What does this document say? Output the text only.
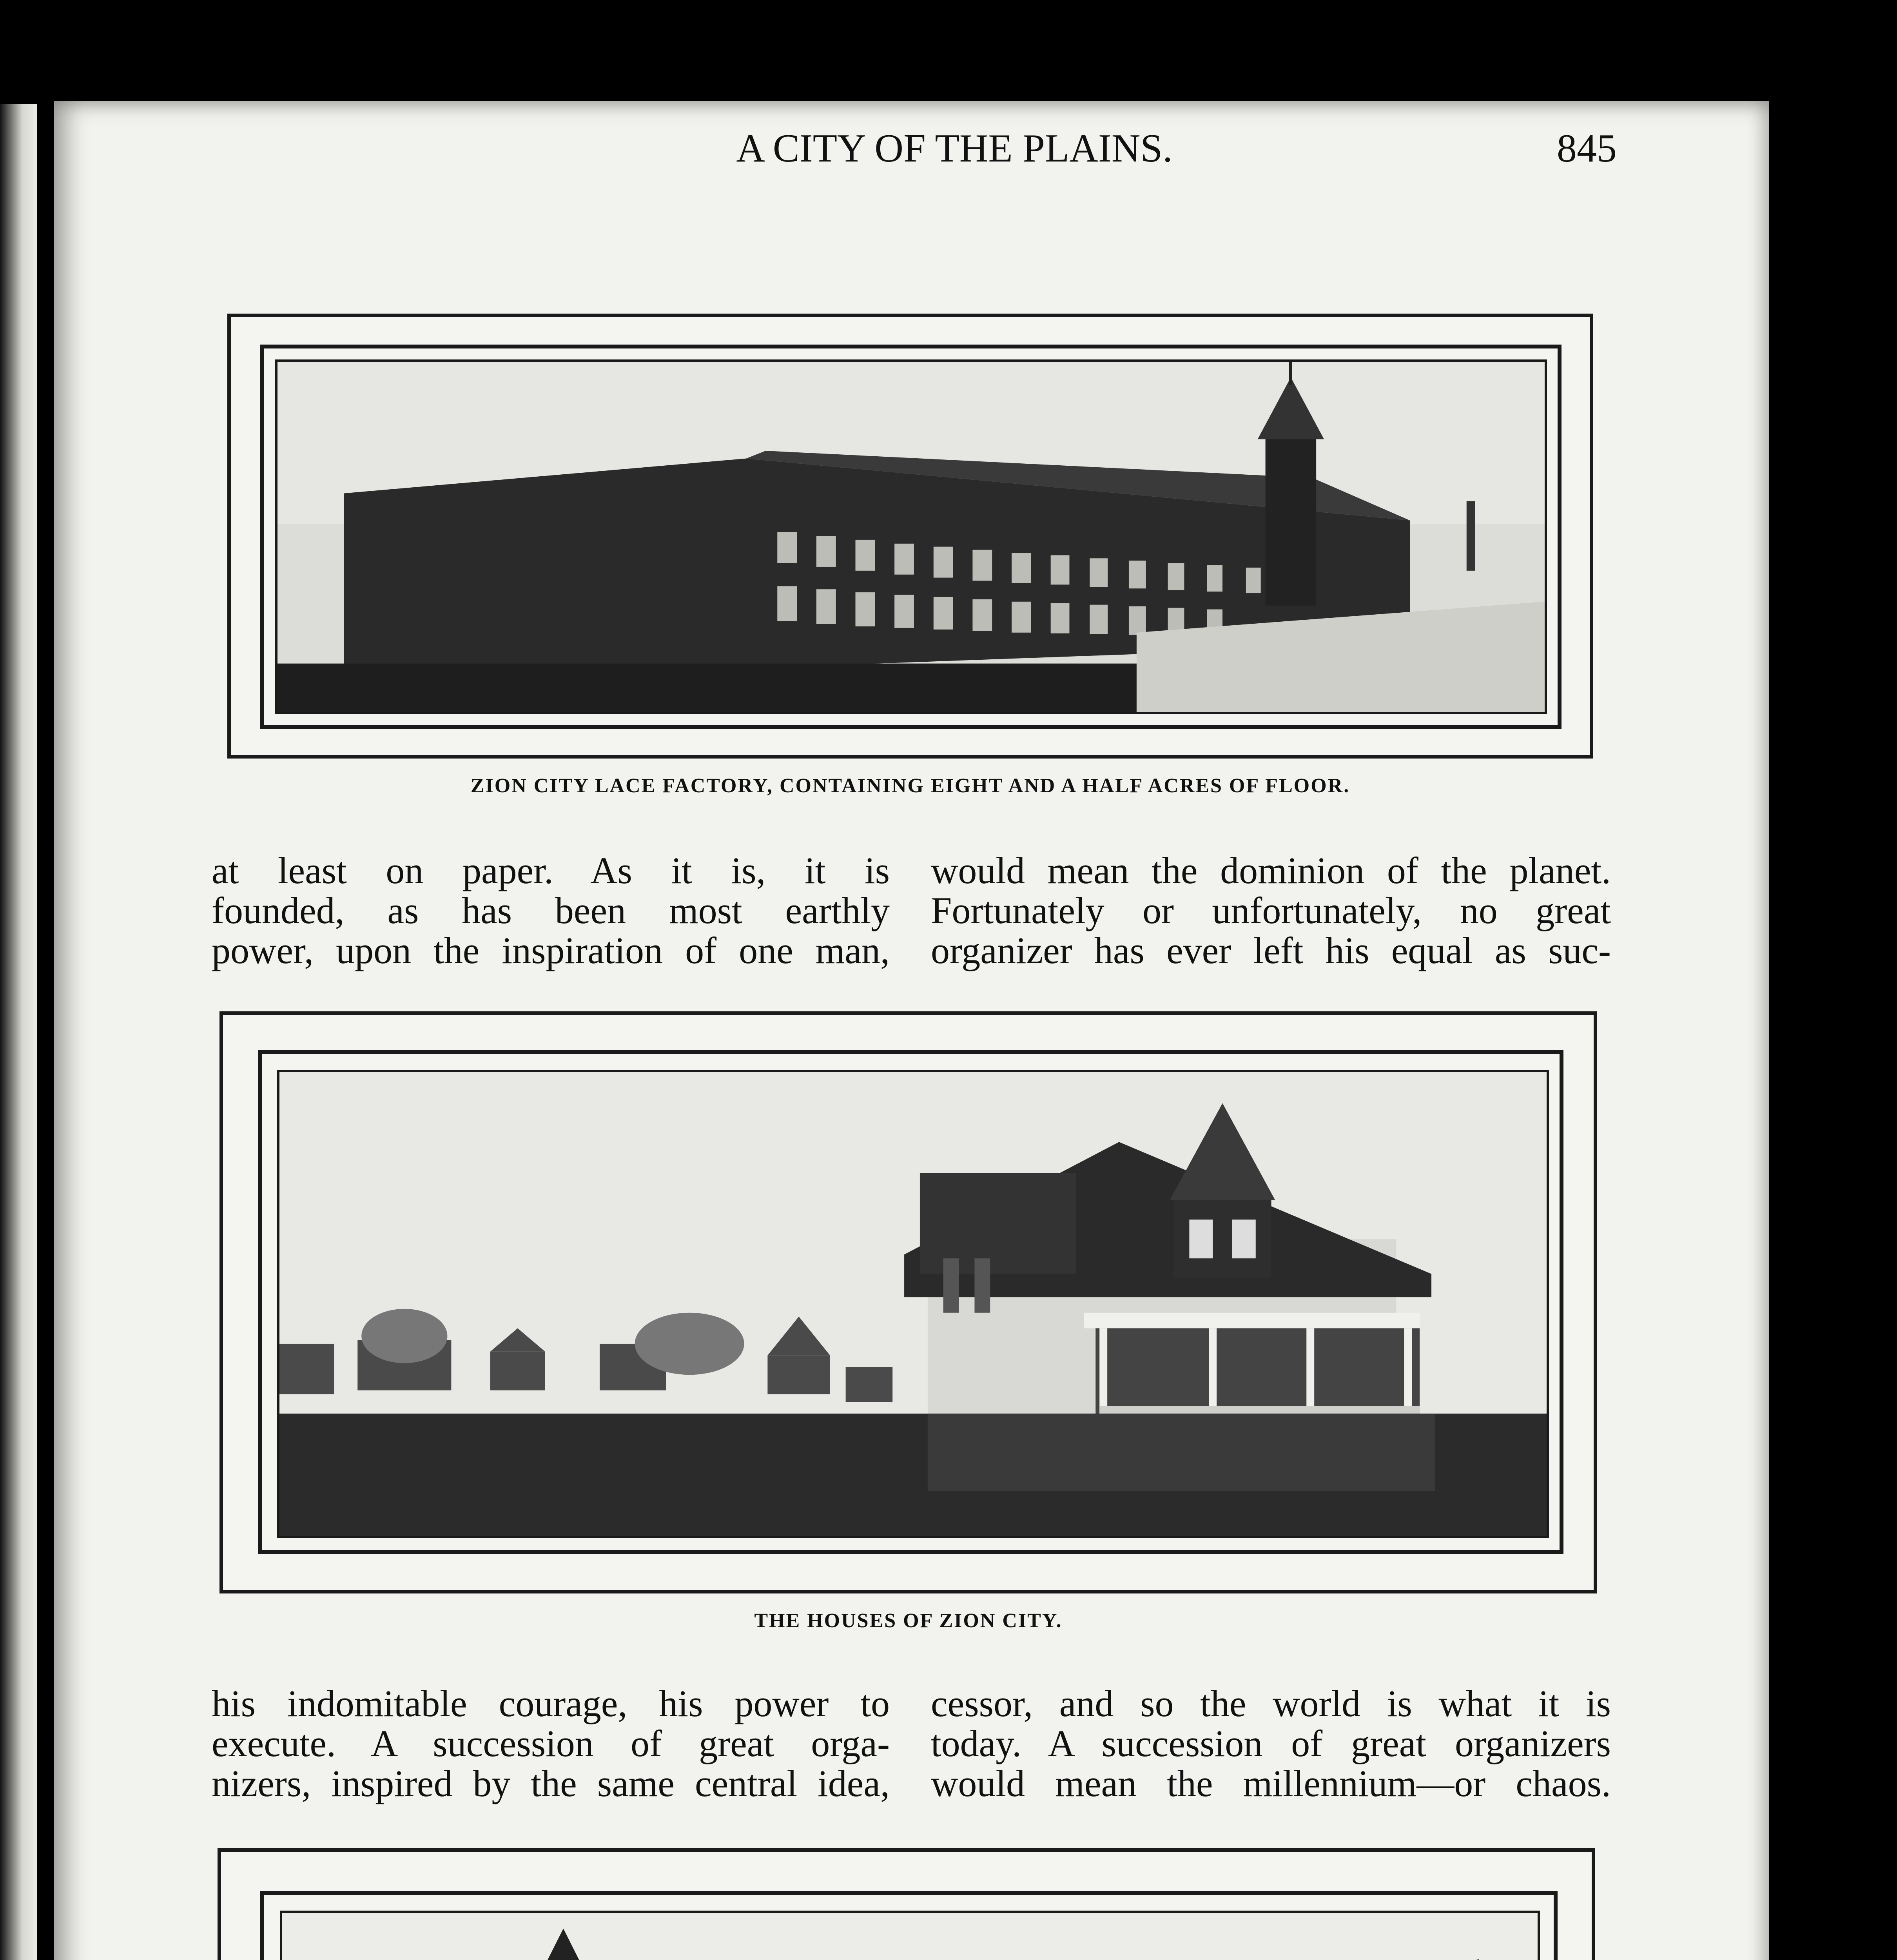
A CITY OF THE PLAINS.	845
ZION CITY LACE FACTORY, CONTAINING EIGHT AND A HALF ACRES OF FLOOR.
at least on paper. As it is, it is
founded, as has been most earthly
power, upon the inspiration of one man,
would mean the dominion of the planet.
Fortunately or unfortunately, no great
organizer has ever left his equal as suc-
THE HOUSES OF ZION CITY.
his indomitable courage, his power to
execute. A succession of great orga-
nizers, inspired by the same central idea,
cessor, and so the world is what it is
today. A succession of great organizers
would mean the millennium—or chaos.
